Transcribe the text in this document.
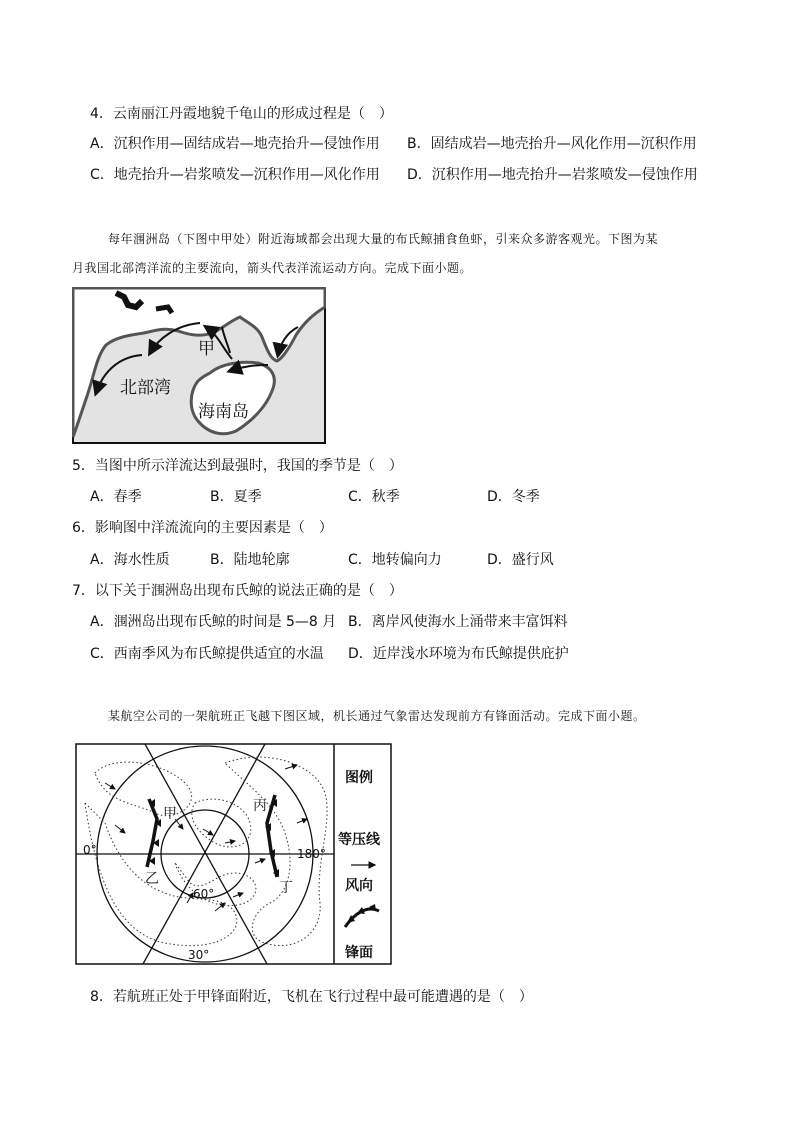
4．云南丽江丹霞地貌千龟山的形成过程是（　）
A．沉积作用—固结成岩—地壳抬升—侵蚀作用 B．固结成岩—地壳抬升—风化作用—沉积作用
C．地壳抬升—岩浆喷发—沉积作用—风化作用 D．沉积作用—地壳抬升—岩浆喷发—侵蚀作用
每年涠洲岛（下图中甲处）附近海域都会出现大量的布氏鲸捕食鱼虾，引来众多游客观光。下图为某
月我国北部湾洋流的主要流向，箭头代表洋流运动方向。完成下面小题。
甲
北部湾
海南岛
5．当图中所示洋流达到最强时，我国的季节是（　）
A．春季	B．夏季	C．秋季	D．冬季
6．影响图中洋流流向的主要因素是（　）
A．海水性质	B．陆地轮廓	C．地转偏向力	D．盛行风
7．以下关于涠洲岛出现布氏鲸的说法正确的是（　）
A．涠洲岛出现布氏鲸的时间是 5—8 月 B．离岸风使海水上涌带来丰富饵料
C．西南季风为布氏鲸提供适宜的水温 D．近岸浅水环境为布氏鲸提供庇护
某航空公司的一架航班正飞越下图区域，机长通过气象雷达发现前方有锋面活动。完成下面小题。
甲
乙
丙
丁
0°	180°
60°
30°
图例
等压线
风向
锋面
8．若航班正处于甲锋面附近，飞机在飞行过程中最可能遭遇的是（　）
